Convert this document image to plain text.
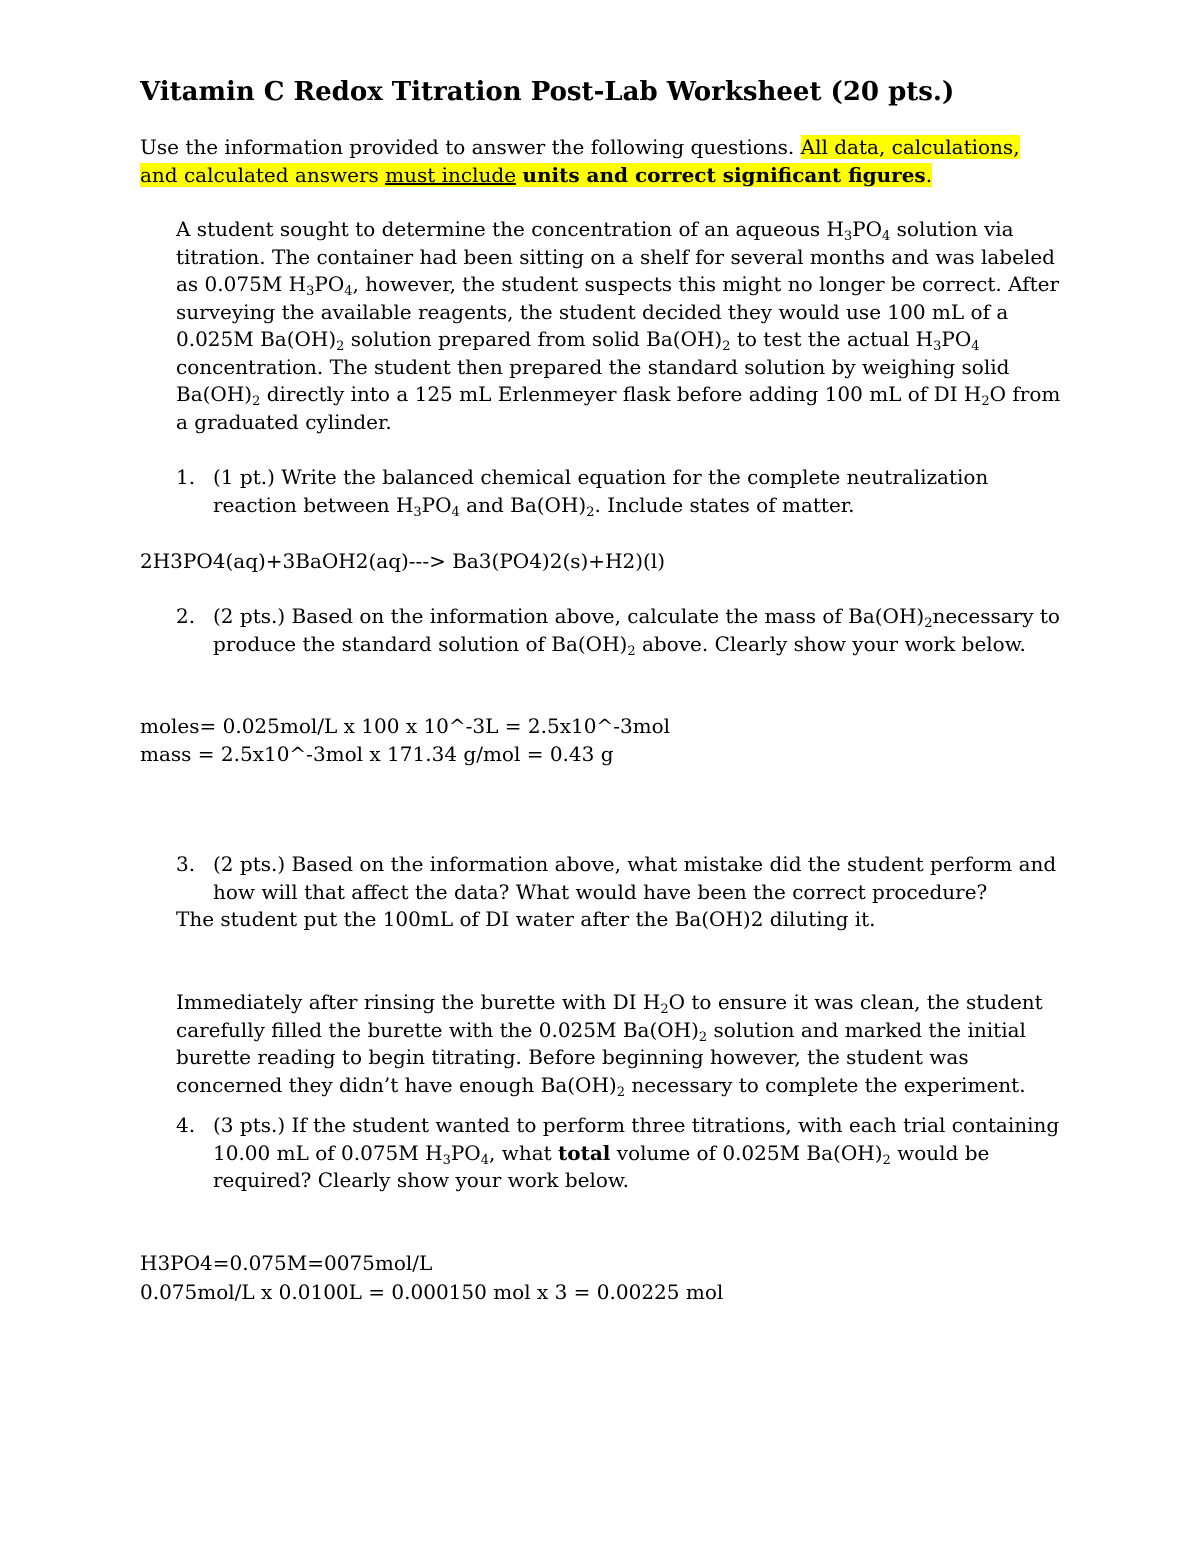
Vitamin C Redox Titration Post-Lab Worksheet (20 pts.)

Use the information provided to answer the following questions. All data, calculations, and calculated answers must include units and correct significant figures.

A student sought to determine the concentration of an aqueous $H_3PO_4$ solution via titration. The container had been sitting on a shelf for several months and was labeled as 0.075M $H_3PO_4$, however, the student suspects this might no longer be correct. After surveying the available reagents, the student decided they would use 100 mL of a 0.025M $Ba(OH)_2$ solution prepared from solid $Ba(OH)_2$ to test the actual $H_3PO_4$ concentration. The student then prepared the standard solution by weighing solid $Ba(OH)_2$ directly into a 125 mL Erlenmeyer flask before adding 100 mL of DI $H_2O$ from a graduated cylinder.

1. (1 pt.) Write the balanced chemical equation for the complete neutralization reaction between $H_3PO_4$ and $Ba(OH)_2$. Include states of matter.

2H3PO4(aq)+3BaOH2(aq)---> Ba3(PO4)2(s)+H2)(l)

2. (2 pts.) Based on the information above, calculate the mass of $Ba(OH)_2necessary$ to produce the standard solution of $Ba(OH)_2$ above. Clearly show your work below.

moles= 0.025mol/L x 100 x 10^-3L = 2.5x10^-3mol

mass = 2.5x10^-3mol x 171.34 g/mol = 0.43 g

3. (2 pts.) Based on the information above, what mistake did the student perform and how will that affect the data? What would have been the correct procedure?

The student put the 100mL of DI water after the Ba(OH)2 diluting it.

Immediately after rinsing the burette with DI $H_2O$ to ensure it was clean, the student carefully filled the burette with the 0.025M $Ba(OH)_2$ solution and marked the initial burette reading to begin titrating. Before beginning however, the student was concerned they didn’t have enough $Ba(OH)_2$ necessary to complete the experiment.

4. (3 pts.) If the student wanted to perform three titrations, with each trial containing 10.00 mL of 0.075M $H_3PO_4$, what total volume of 0.025M $Ba(OH)_2$ would be required? Clearly show your work below.

H3PO4=0.075M=0075mol/L

0.075mol/L x 0.0100L = 0.000150 mol x 3 = 0.00225 mol
